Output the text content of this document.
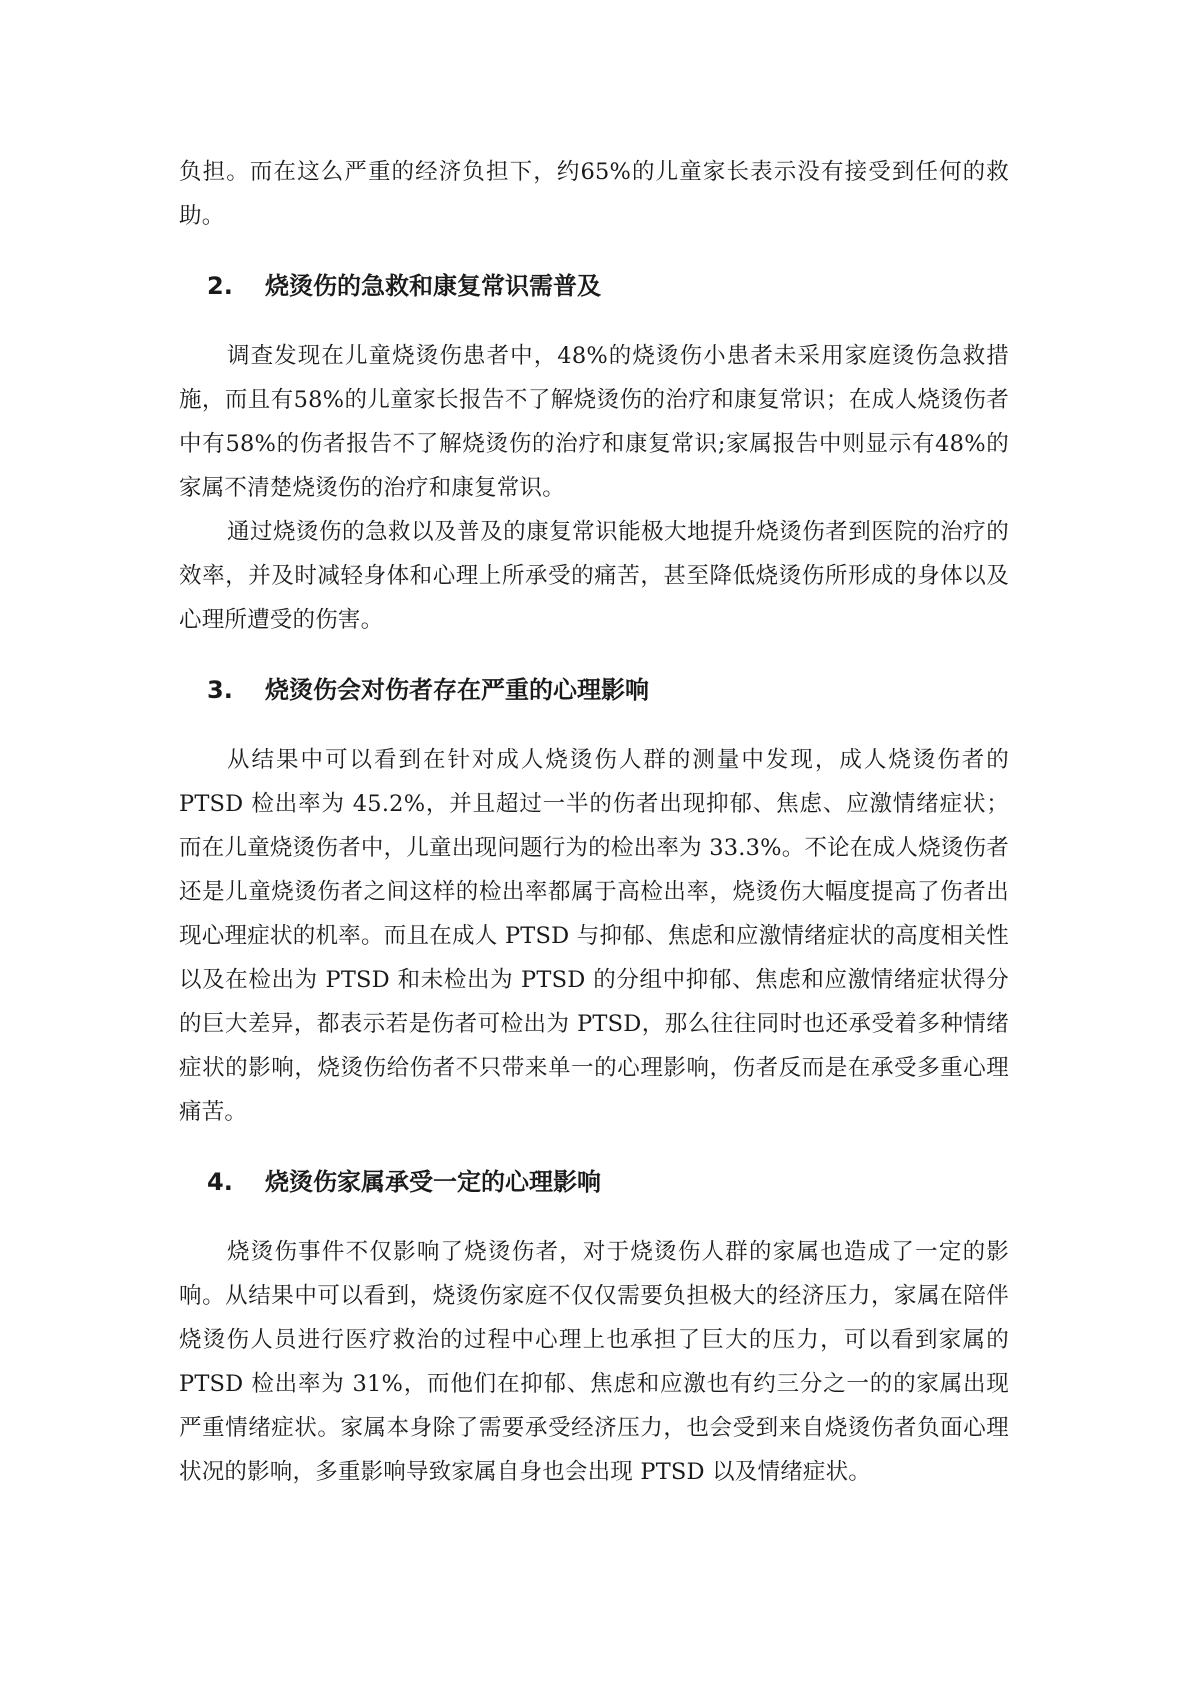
负担。而在这么严重的经济负担下，约65%的儿童家长表示没有接受到任何的救助。

2.	烧烫伤的急救和康复常识需普及

调查发现在儿童烧烫伤患者中，48%的烧烫伤小患者未采用家庭烫伤急救措施，而且有58%的儿童家长报告不了解烧烫伤的治疗和康复常识；在成人烧烫伤者中有58%的伤者报告不了解烧烫伤的治疗和康复常识;家属报告中则显示有48%的家属不清楚烧烫伤的治疗和康复常识。

通过烧烫伤的急救以及普及的康复常识能极大地提升烧烫伤者到医院的治疗的效率，并及时减轻身体和心理上所承受的痛苦，甚至降低烧烫伤所形成的身体以及心理所遭受的伤害。

3.	烧烫伤会对伤者存在严重的心理影响

从结果中可以看到在针对成人烧烫伤人群的测量中发现，成人烧烫伤者的PTSD 检出率为 45.2%，并且超过一半的伤者出现抑郁、焦虑、应激情绪症状；而在儿童烧烫伤者中，儿童出现问题行为的检出率为 33.3%。不论在成人烧烫伤者还是儿童烧烫伤者之间这样的检出率都属于高检出率，烧烫伤大幅度提高了伤者出现心理症状的机率。而且在成人 PTSD 与抑郁、焦虑和应激情绪症状的高度相关性以及在检出为 PTSD 和未检出为 PTSD 的分组中抑郁、焦虑和应激情绪症状得分的巨大差异，都表示若是伤者可检出为 PTSD，那么往往同时也还承受着多种情绪症状的影响，烧烫伤给伤者不只带来单一的心理影响，伤者反而是在承受多重心理痛苦。

4.	烧烫伤家属承受一定的心理影响

烧烫伤事件不仅影响了烧烫伤者，对于烧烫伤人群的家属也造成了一定的影响。从结果中可以看到，烧烫伤家庭不仅仅需要负担极大的经济压力，家属在陪伴烧烫伤人员进行医疗救治的过程中心理上也承担了巨大的压力，可以看到家属的 PTSD 检出率为 31%，而他们在抑郁、焦虑和应激也有约三分之一的的家属出现严重情绪症状。家属本身除了需要承受经济压力，也会受到来自烧烫伤者负面心理状况的影响，多重影响导致家属自身也会出现 PTSD 以及情绪症状。
